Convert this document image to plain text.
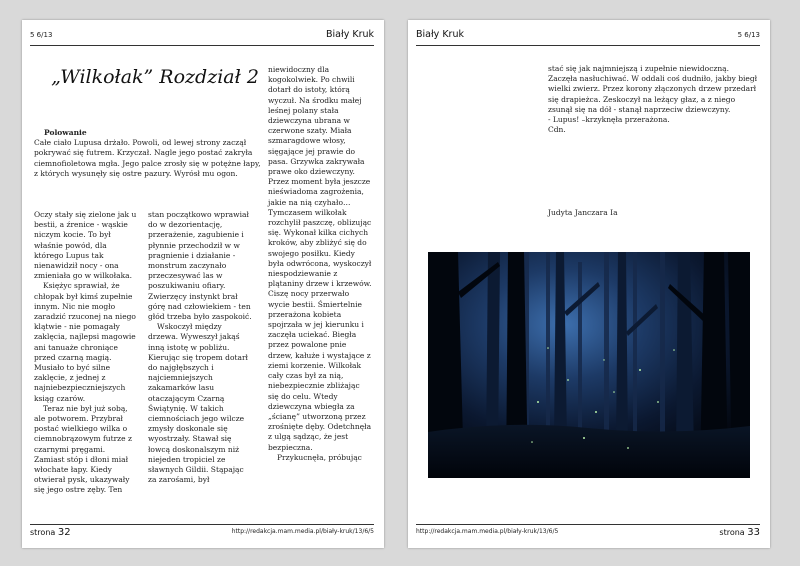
5 6/13	Biały Kruk
„Wilkołak” Rozdział 2

Polowanie

Całe ciało Lupusa drżało. Powoli, od lewej strony zaczął pokrywać się futrem. Krzyczał. Nagle jego postać zakryła ciemnofioletowa mgła. Jego palce zrosły się w potężne łapy, z których wysunęły się ostre pazury. Wyrósł mu ogon.

Oczy stały się zielone jak u bestii, a źrenice - wąskie niczym kocie. To był właśnie powód, dla którego Lupus tak nienawidził nocy - ona zmieniała go w wilkołaka.

Księżyc sprawiał, że chłopak był kimś zupełnie innym. Nic nie mogło zaradzić rzuconej na niego klątwie - nie pomagały zaklęcia, najlepsi magowie ani tanuaże chroniące przed czarną magią. Musiało to być silne zaklęcie, z jednej z najniebezpieczniejszych ksiąg czarów.

Teraz nie był już sobą, ale potworem. Przybrał postać wielkiego wilka o ciemnobrązowym futrze z czarnymi pręgami. Zamiast stóp i dłoni miał włochate łapy. Kiedy otwierał pysk, ukazywały się jego ostre zęby. Ten

stan początkowo wprawiał do w dezorientację, przerażenie, zagubienie i płynnie przechodził w w pragnienie i działanie - monstrum zaczynało przeczesywać las w poszukiwaniu ofiary. Zwierzęcy instynkt brał górę nad człowiekiem - ten głód trzeba było zaspokoić.

Wskoczył między drzewa. Wyweszył jakąś inną istotę w pobliżu. Kierując się tropem dotarł do najgłębszych i najciemniejszych zakamarków lasu otaczającym Czarną Świątynię. W takich ciemnościach jego wilcze zmysły doskonale się wyostrzały. Stawał się łowcą doskonalszym niż niejeden tropiciel ze sławnych Gildii. Stąpając za zarośami, był

niewidoczny dla kogokolwiek. Po chwili dotarł do istoty, którą wyczuł. Na środku małej leśnej polany stała dziewczyna ubrana w czerwone szaty. Miała szmaragdowe włosy, sięgające jej prawie do pasa. Grzywka zakrywała prawe oko dziewczyny. Przez moment była jeszcze nieświadoma zagrożenia, jakie na nią czyhało… Tymczasem wilkołak rozchylił paszczę, oblizując się. Wykonał kilka cichych kroków, aby zbliżyć się do swojego posiłku. Kiedy była odwrócona, wyskoczył niespodziewanie z plątaniny drzew i krzewów. Ciszę nocy przerwało wycie bestii. Śmiertelnie przerażona kobieta spojrzała w jej kierunku i zaczęła uciekać. Biegła przez powalone pnie drzew, kałuże i wystające z ziemi korzenie. Wilkołak cały czas był za nią, niebezpiecznie zbliżając się do celu. Wtedy dziewczyna wbiegła za „ścianę” utworzoną przez zrośnięte dęby. Odetchnęła z ulgą sądząc, że jest bezpieczna.

Przykucnęła, próbując

strona 32	http://redakcja.mam.media.pl/biały-kruk/13/6/5
Biały Kruk	5 6/13

stać się jak najmniejszą i zupełnie niewidoczną. Zaczęła nasłuchiwać. W oddali coś dudniło, jakby biegł wielki zwierz. Przez korony złączonych drzew przedarł się drapieżca. Zeskoczył na leżący głaz, a z niego zsunął się na dół - stanął naprzeciw dziewczyny.

- Lupus! –krzyknęła przerażona.

Cdn.

Judyta Janczara Ia

http://redakcja.mam.media.pl/biały-kruk/13/6/5	strona 33
